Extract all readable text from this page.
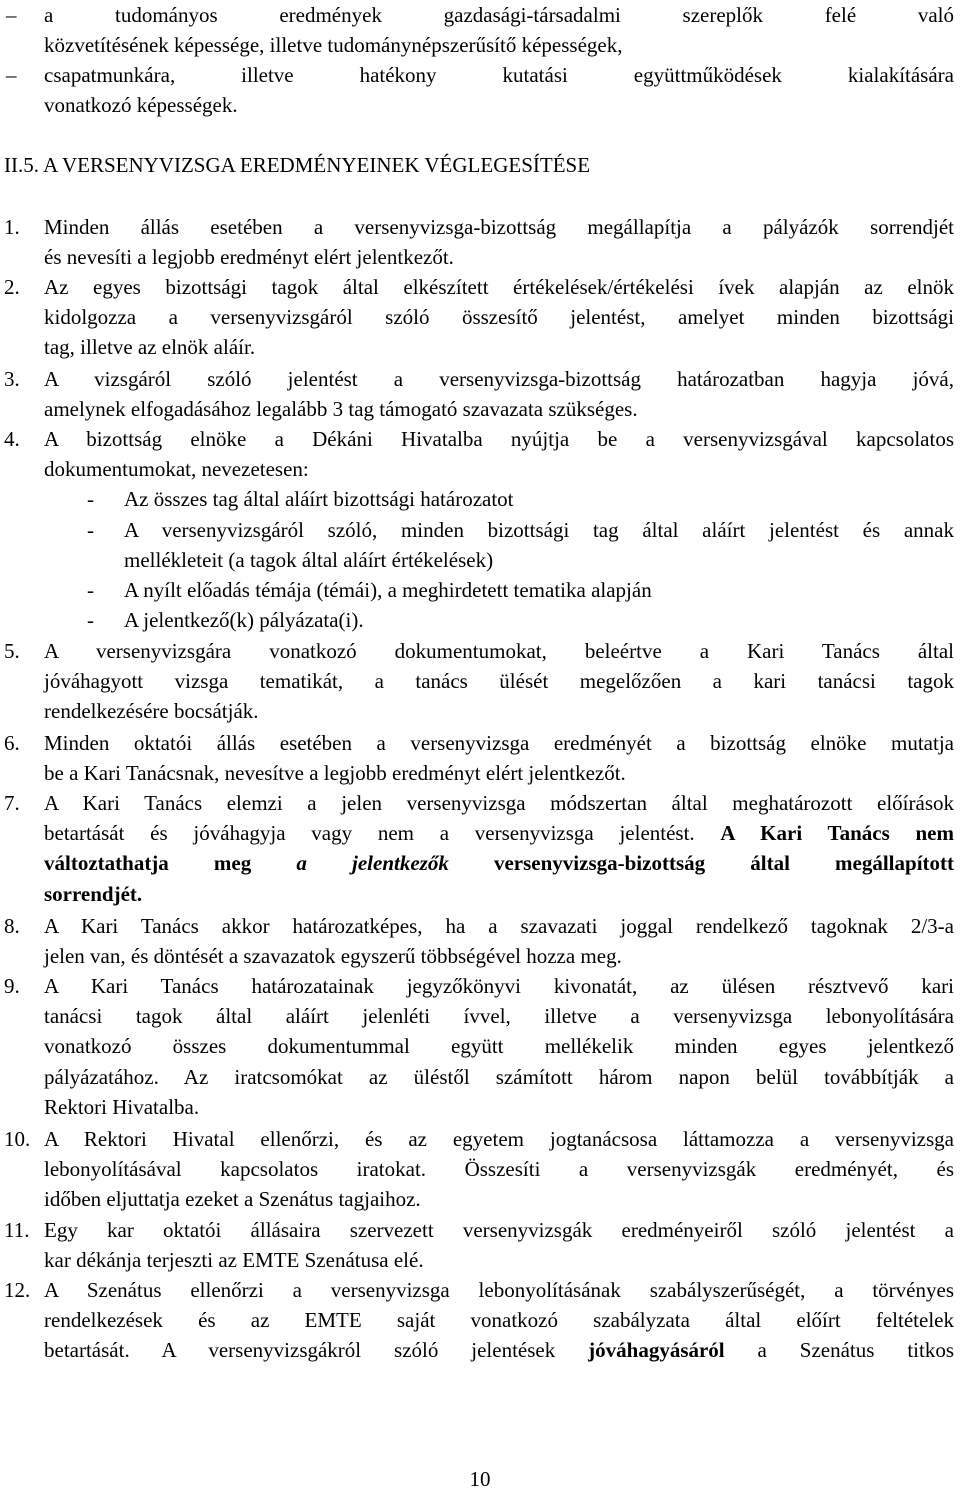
– a tudományos eredmények gazdasági-társadalmi szereplők felé való
közvetítésének képessége, illetve tudománynépszerűsítő képességek,
– csapatmunkára, illetve hatékony kutatási együttműködések kialakítására
vonatkozó képességek.
II.5. A VERSENYVIZSGA EREDMÉNYEINEK VÉGLEGESÍTÉSE
1.	Minden állás esetében a versenyvizsga-bizottság megállapítja a pályázók sorrendjét
és nevesíti a legjobb eredményt elért jelentkezőt.
2.	Az egyes bizottsági tagok által elkészített értékelések/értékelési ívek alapján az elnök
kidolgozza a versenyvizsgáról szóló összesítő jelentést, amelyet minden bizottsági
tag, illetve az elnök aláír.
3.	A vizsgáról szóló jelentést a versenyvizsga-bizottság határozatban hagyja jóvá,
amelynek elfogadásához legalább 3 tag támogató szavazata szükséges.
4.	A bizottság elnöke a Dékáni Hivatalba nyújtja be a versenyvizsgával kapcsolatos
dokumentumokat, nevezetesen:
- Az összes tag által aláírt bizottsági határozatot
- A versenyvizsgáról szóló, minden bizottsági tag által aláírt jelentést és annak
mellékleteit (a tagok által aláírt értékelések)
- A nyílt előadás témája (témái), a meghirdetett tematika alapján
- A jelentkező(k) pályázata(i).
5.	A versenyvizsgára vonatkozó dokumentumokat, beleértve a Kari Tanács által
jóváhagyott vizsga tematikát, a tanács ülését megelőzően a kari tanácsi tagok
rendelkezésére bocsátják.
6.	Minden oktatói állás esetében a versenyvizsga eredményét a bizottság elnöke mutatja
be a Kari Tanácsnak, nevesítve a legjobb eredményt elért jelentkezőt.
7.	A Kari Tanács elemzi a jelen versenyvizsga módszertan által meghatározott előírások
betartását és jóváhagyja vagy nem a versenyvizsga jelentést. A Kari Tanács nem
változtathatja meg a jelentkezők versenyvizsga-bizottság által megállapított
sorrendjét.
8.	A Kari Tanács akkor határozatképes, ha a szavazati joggal rendelkező tagoknak 2/3-a
jelen van, és döntését a szavazatok egyszerű többségével hozza meg.
9.	A Kari Tanács határozatainak jegyzőkönyvi kivonatát, az ülésen résztvevő kari
tanácsi tagok által aláírt jelenléti ívvel, illetve a versenyvizsga lebonyolítására
vonatkozó összes dokumentummal együtt mellékelik minden egyes jelentkező
pályázatához. Az iratcsomókat az üléstől számított három napon belül továbbítják a
Rektori Hivatalba.
10. A Rektori Hivatal ellenőrzi, és az egyetem jogtanácsosa láttamozza a versenyvizsga
lebonyolításával kapcsolatos iratokat. Összesíti a versenyvizsgák eredményét, és
időben eljuttatja ezeket a Szenátus tagjaihoz.
11. Egy kar oktatói állásaira szervezett versenyvizsgák eredményeiről szóló jelentést a
kar dékánja terjeszti az EMTE Szenátusa elé.
12. A Szenátus ellenőrzi a versenyvizsga lebonyolításának szabályszerűségét, a törvényes
rendelkezések és az EMTE saját vonatkozó szabályzata által előírt feltételek
betartását. A versenyvizsgákról szóló jelentések jóváhagyásáról a Szenátus titkos
10
